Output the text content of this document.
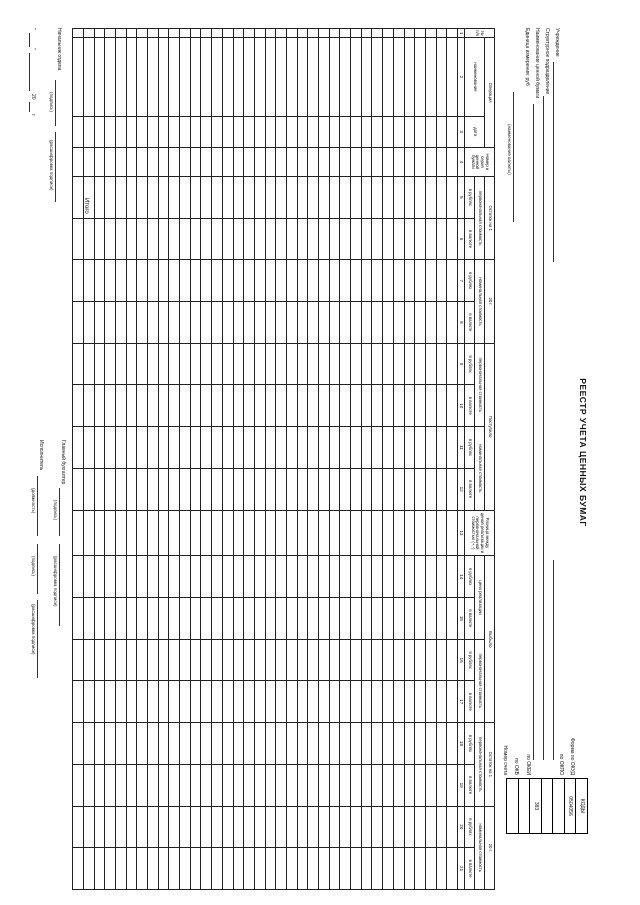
РЕЕСТР УЧЕТА ЦЕННЫХ БУМАГ
КОДЫ
0504056

383

Форма по ОКУД
по ОКПО
по ОКЕИ
по ОКВ
Номер счета
Учреждение
Структурное подразделение
Наименование ценной бумаги
Единица измерения: руб
(наименование валюты)
№ п/п	Операция		Номер и серия ценной бумаги	Остаток на 1		20 г.		Поступило				Разница между ценой реализации и первоначальной стоимостью (+,-)	Выбыло				Остаток на 1		20 г.	
	наименование	дата		первоначальная стоимость		номинальная стоимость		первоначальная стоимость		номинальная стоимость			цена реализации		первоначальная стоимость		первоначальная стоимость		номинальная стоимость	
				в рублях	в валюте	в рублях	в валюте	в рублях	в валюте	в рублях	в валюте		в рублях	в валюте	в рублях	в валюте	в рублях	в валюте	в рублях	в валюте
1	2	3	4	5	6	7	8	9	10	11	12	13	14	15	16	17	18	19	20	21

Итого
Начальник отдела
(подпись)
(расшифровка подписи)
"
"
20
г.
Главный бухгалтер
(подпись)
(расшифровка подписи)
Исполнитель
(должность)
(подпись)
(расшифровка подписи)
